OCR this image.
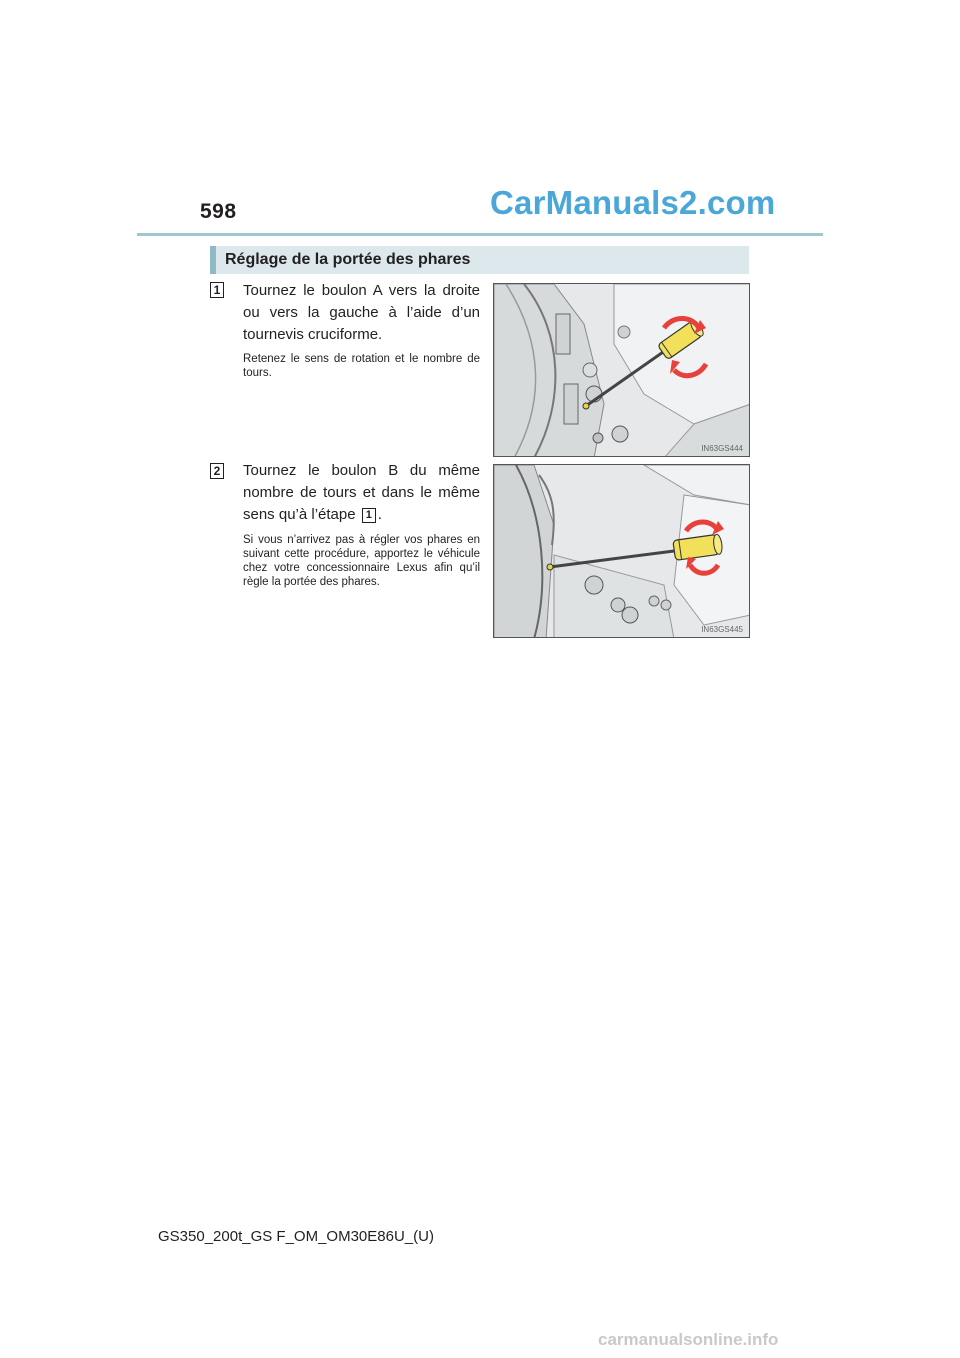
598	CarManuals2.com
Réglage de la portée des phares
1 Tournez le boulon A vers la droite ou vers la gauche à l’aide d’un tournevis cruciforme.
Retenez le sens de rotation et le nombre de tours.
IN63GS444
2 Tournez le boulon B du même nombre de tours et dans le même sens qu’à l’étape 1 .
Si vous n’arrivez pas à régler vos phares en suivant cette procédure, apportez le véhicule chez votre concessionnaire Lexus afin qu’il règle la portée des phares.
IN63GS445
GS350_200t_GS F_OM_OM30E86U_(U)
carmanualsonline.info
